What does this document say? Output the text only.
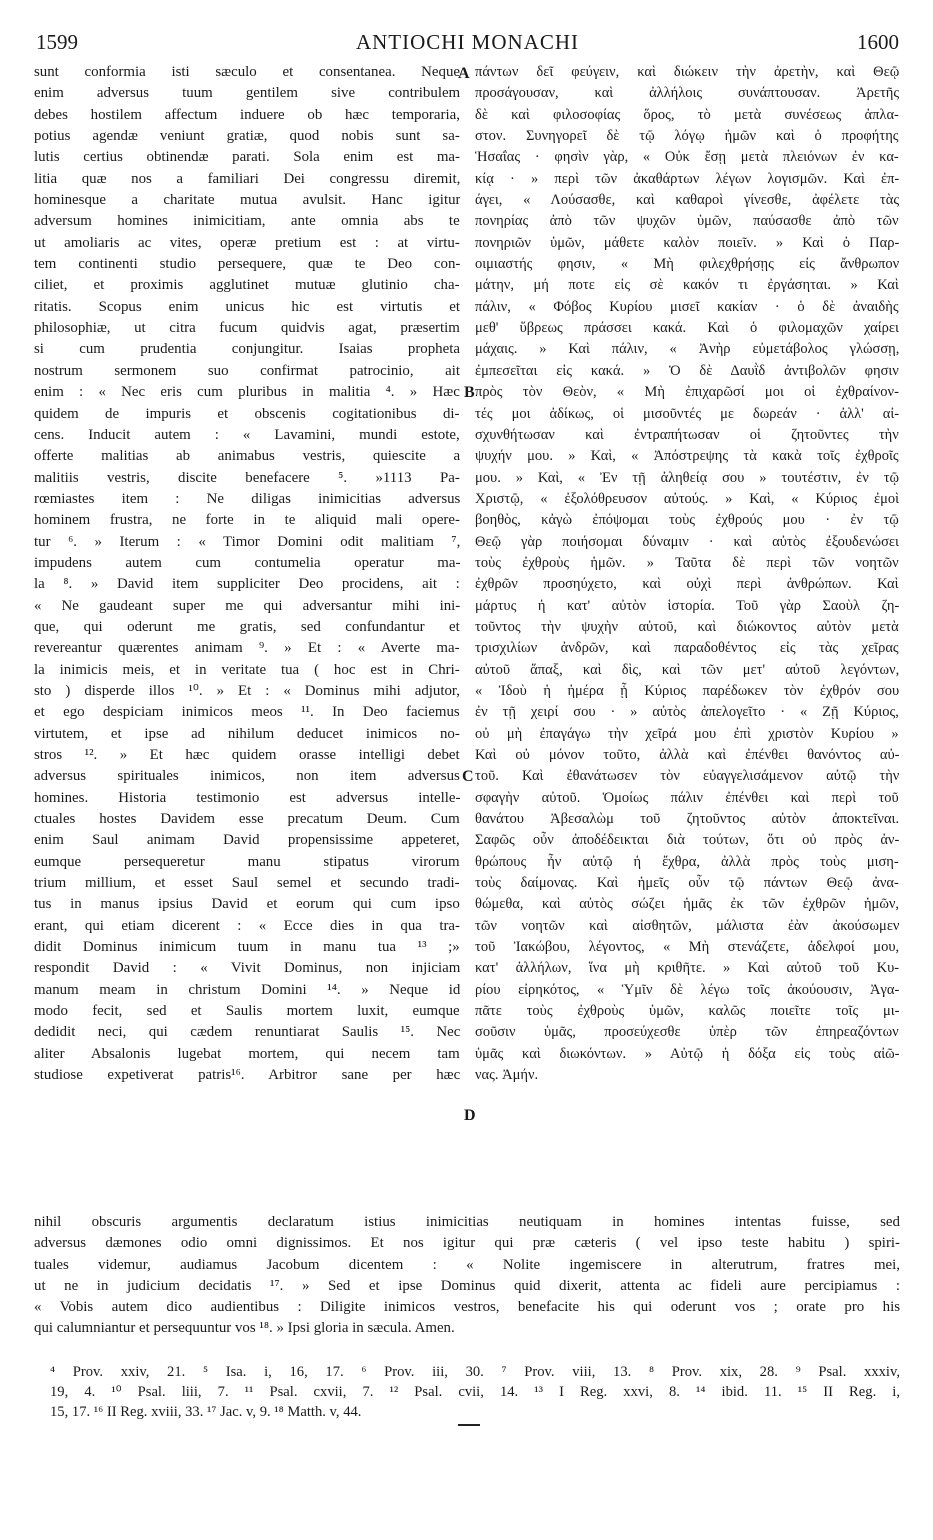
1599	ANTIOCHI MONACHI	1600
sunt conformia isti sæculo et consentanea. Neque
enim adversus tuum gentilem sive contribulem
debes hostilem affectum induere ob hæc temporaria,
potius agendæ veniunt gratiæ, quod nobis sunt sa-
lutis certius obtinendæ parati. Sola enim est ma-
litia quæ nos a familiari Dei congressu diremit,
hominesque a charitate mutua avulsit. Hanc igitur
adversum homines inimicitiam, ante omnia abs te
ut amoliaris ac vites, operæ pretium est : at virtu-
tem continenti studio persequere, quæ te Deo con-
ciliet, et proximis agglutinet mutuæ glutinio cha-
ritatis. Scopus enim unicus hic est virtutis et
philosophiæ, ut citra fucum quidvis agat, præsertim
si cum prudentia conjungitur. Isaias propheta
nostrum sermonem suo confirmat patrocinio, ait
enim : « Nec eris cum pluribus in malitia ⁴. » Hæc
quidem de impuris et obscenis cogitationibus di-
cens. Inducit autem : « Lavamini, mundi estote,
offerte malitias ab animabus vestris, quiescite a
malitiis vestris, discite benefacere ⁵. »1113 Pa-
rœmiastes item : Ne diligas inimicitias adversus
hominem frustra, ne forte in te aliquid mali opere-
tur ⁶. » Iterum : « Timor Domini odit malitiam ⁷,
impudens autem cum contumelia operatur ma-
la ⁸. » David item suppliciter Deo procidens, ait :
« Ne gaudeant super me qui adversantur mihi ini-
que, qui oderunt me gratis, sed confundantur et
revereantur quærentes animam ⁹. » Et : « Averte ma-
la inimicis meis, et in veritate tua ( hoc est in Chri-
sto ) disperde illos ¹⁰. » Et : « Dominus mihi adjutor,
et ego despiciam inimicos meos ¹¹. In Deo faciemus
virtutem, et ipse ad nihilum deducet inimicos no-
stros ¹². » Et hæc quidem orasse intelligi debet
adversus spirituales inimicos, non item adversus
homines. Historia testimonio est adversus intelle-
ctuales hostes Davidem esse precatum Deum. Cum
enim Saul animam David propensissime appeteret,
eumque persequeretur manu stipatus virorum
trium millium, et esset Saul semel et secundo tradi-
tus in manus ipsius David et eorum qui cum ipso
erant, qui etiam dicerent : « Ecce dies in qua tra-
didit Dominus inimicum tuum in manu tua ¹³ ;»
respondit David : « Vivit Dominus, non injiciam
manum meam in christum Domini ¹⁴. » Neque id
modo fecit, sed et Saulis mortem luxit, eumque
dedidit neci, qui cædem renuntiarat Saulis ¹⁵. Nec
aliter Absalonis lugebat mortem, qui necem tam
studiose expetiverat patris¹⁶. Arbitror sane per hæc
πάντων δεῖ φεύγειν, καὶ διώκειν τὴν ἀρετὴν, καὶ Θεῷ
προσάγουσαν, καὶ ἀλλήλοις συνάπτουσαν. Ἀρετῆς
δὲ καὶ φιλοσοφίας ὅρος, τὸ μετὰ συνέσεως ἀπλα-
στον. Συνηγορεῖ δὲ τῷ λόγῳ ἡμῶν καὶ ὁ προφήτης
Ἡσαΐας · φησὶν γὰρ, « Οὐκ ἔσῃ μετὰ πλειόνων ἐν κα-
κίᾳ · » περὶ τῶν ἀκαθάρτων λέγων λογισμῶν. Καὶ ἐπ-
άγει, « Λούσασθε, καὶ καθαροὶ γίνεσθε, ἀφέλετε τὰς
πονηρίας ἀπὸ τῶν ψυχῶν ὑμῶν, παύσασθε ἀπὸ τῶν
πονηριῶν ὑμῶν, μάθετε καλὸν ποιεῖν. » Καὶ ὁ Παρ-
οιμιαστής φησιν, « Μὴ φιλεχθρήσῃς εἰς ἄνθρωπον
μάτην, μή ποτε εἰς σὲ κακόν τι ἐργάσηται. » Καὶ
πάλιν, « Φόβος Κυρίου μισεῖ κακίαν · ὁ δὲ ἀναιδὴς
μεθ' ὕβρεως πράσσει κακά. Καὶ ὁ φιλομαχῶν χαίρει
μάχαις. » Καὶ πάλιν, « Ἀνὴρ εὐμετάβολος γλώσσῃ,
ἐμπεσεῖται εἰς κακά. » Ὁ δὲ Δαυῒδ ἀντιβολῶν φησιν
πρὸς τὸν Θεὸν, « Μὴ ἐπιχαρῶσί μοι οἱ ἐχθραίνον-
τές μοι ἀδίκως, οἱ μισοῦντές με δωρεάν · ἀλλ' αἰ-
σχυνθήτωσαν καὶ ἐντραπήτωσαν οἱ ζητοῦντες τὴν
ψυχήν μου. » Καὶ, « Ἀπόστρεψης τὰ κακὰ τοῖς ἐχθροῖς
μου. » Καὶ, « Ἐν τῇ ἀληθείᾳ σου » τουτέστιν, ἐν τῷ
Χριστῷ, « ἐξολόθρευσον αὐτούς. » Καὶ, « Κύριος ἐμοὶ
βοηθὸς, κἀγὼ ἐπόψομαι τοὺς ἐχθρούς μου · ἐν τῷ
Θεῷ γὰρ ποιήσομαι δύναμιν · καὶ αὐτὸς ἐξουδενώσει
τοὺς ἐχθροὺς ἡμῶν. » Ταῦτα δὲ περὶ τῶν νοητῶν
ἐχθρῶν προσηύχετο, καὶ οὐχὶ περὶ ἀνθρώπων. Καὶ
μάρτυς ἡ κατ' αὐτὸν ἱστορία. Τοῦ γὰρ Σαοὺλ ζη-
τοῦντος τὴν ψυχὴν αὐτοῦ, καὶ διώκοντος αὐτὸν μετὰ
τρισχιλίων ἀνδρῶν, καὶ παραδοθέντος εἰς τὰς χεῖρας
αὐτοῦ ἅπαξ, καὶ δὶς, καὶ τῶν μετ' αὐτοῦ λεγόντων,
« Ἰδοὺ ἡ ἡμέρα ᾗ Κύριος παρέδωκεν τὸν ἐχθρόν σου
ἐν τῇ χειρί σου · » αὐτὸς ἀπελογεῖτο · « Ζῇ Κύριος,
οὐ μὴ ἐπαγάγω τὴν χεῖρά μου ἐπὶ χριστὸν Κυρίου »
Καὶ οὐ μόνον τοῦτο, ἀλλὰ καὶ ἐπένθει θανόντος αὐ-
τοῦ. Καὶ ἐθανάτωσεν τὸν εὐαγγελισάμενον αὐτῷ τὴν
σφαγὴν αὐτοῦ. Ὁμοίως πάλιν ἐπένθει καὶ περὶ τοῦ
θανάτου Ἀβεσαλὼμ τοῦ ζητοῦντος αὐτὸν ἀποκτεῖναι.
Σαφῶς οὖν ἀποδέδεικται διὰ τούτων, ὅτι οὐ πρὸς ἀν-
θρώπους ἦν αὐτῷ ἡ ἔχθρα, ἀλλὰ πρὸς τοὺς μιση-
τοὺς δαίμονας. Καὶ ἡμεῖς οὖν τῷ πάντων Θεῷ ἀνα-
θώμεθα, καὶ αὐτὸς σώζει ἡμᾶς ἐκ τῶν ἐχθρῶν ἡμῶν,
τῶν νοητῶν καὶ αἰσθητῶν, μάλιστα ἐὰν ἀκούσωμεν
τοῦ Ἰακώβου, λέγοντος, « Μὴ στενάζετε, ἀδελφοί μου,
κατ' ἀλλήλων, ἵνα μὴ κριθῆτε. » Καὶ αὐτοῦ τοῦ Κυ-
ρίου εἰρηκότος, « Ὑμῖν δὲ λέγω τοῖς ἀκούουσιν, Ἀγα-
πᾶτε τοὺς ἐχθροὺς ὑμῶν, καλῶς ποιεῖτε τοῖς μι-
σοῦσιν ὑμᾶς, προσεύχεσθε ὑπὲρ τῶν ἐπηρεαζόντων
ὑμᾶς καὶ διωκόντων. » Αὐτῷ ἡ δόξα εἰς τοὺς αἰῶ-
νας. Ἀμήν.
A
B
C
D
nihil obscuris argumentis declaratum istius inimicitias neutiquam in homines intentas fuisse, sed
adversus dæmones odio omni dignissimos. Et nos igitur qui præ cæteris ( vel ipso teste habitu ) spiri-
tuales videmur, audiamus Jacobum dicentem : « Nolite ingemiscere in alterutrum, fratres mei,
ut ne in judicium decidatis ¹⁷. » Sed et ipse Dominus quid dixerit, attenta ac fideli aure percipiamus :
« Vobis autem dico audientibus : Diligite inimicos vestros, benefacite his qui oderunt vos ; orate pro his
qui calumniantur et persequuntur vos ¹⁸. » Ipsi gloria in sæcula. Amen.
⁴ Prov. xxiv, 21. ⁵ Isa. i, 16, 17. ⁶ Prov. iii, 30. ⁷ Prov. viii, 13. ⁸ Prov. xix, 28. ⁹ Psal. xxxiv,
19, 4. ¹⁰ Psal. liii, 7. ¹¹ Psal. cxvii, 7. ¹² Psal. cvii, 14. ¹³ I Reg. xxvi, 8. ¹⁴ ibid. 11. ¹⁵ II Reg. i,
15, 17. ¹⁶ II Reg. xviii, 33. ¹⁷ Jac. v, 9. ¹⁸ Matth. v, 44.
